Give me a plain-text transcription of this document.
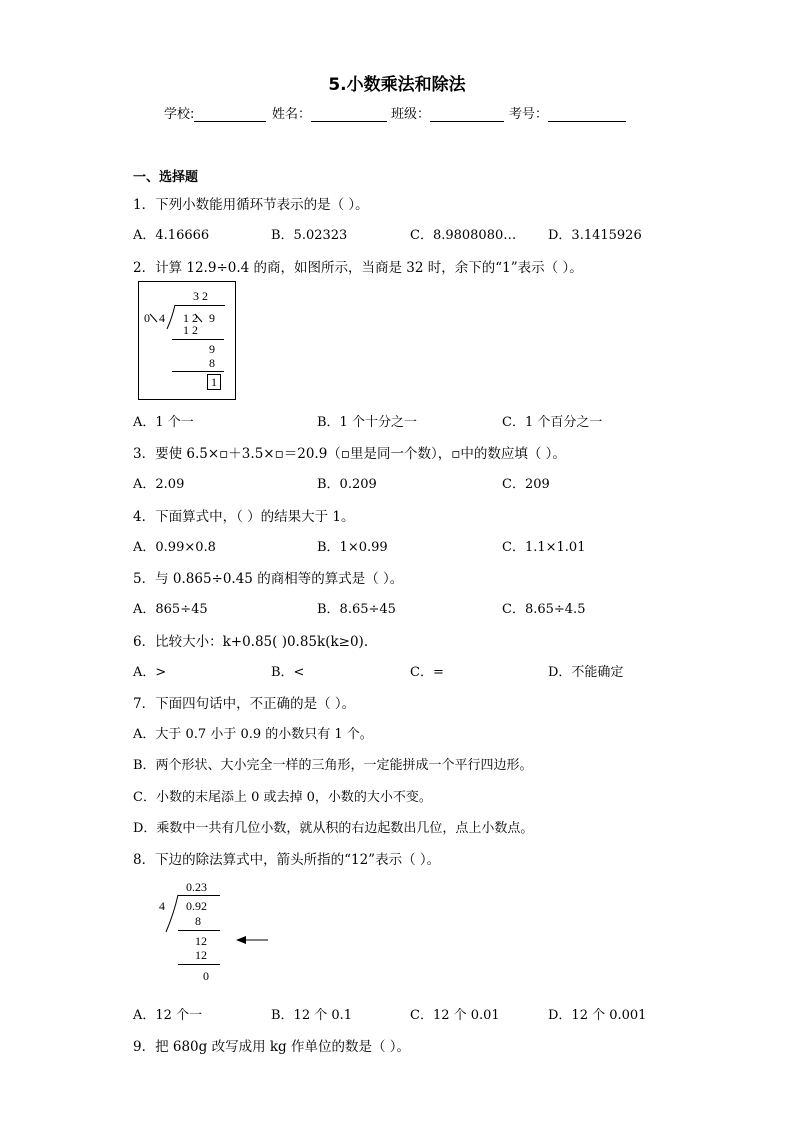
5.小数乘法和除法
学校:	姓名：	班级：	考号：
一、选择题
1．下列小数能用循环节表示的是（ ）。
A．4.16666	B．5.02323	C．8.9808080… D．3.1415926
2．计算 12.9÷0.4 的商，如图所示，当商是 32 时，余下的“1”表示（ ）。
3 2
0 4 1 2 9
1 2
9
8
1
A．1 个一	B．1 个十分之一	C．1 个百分之一
3．要使 6.5×▫＋3.5×▫＝20.9（▫里是同一个数），▫中的数应填（ ）。
A．2.09	B．0.209	C．209
4．下面算式中，（ ）的结果大于 1。
A．0.99×0.8	B．1×0.99	C．1.1×1.01
5．与 0.865÷0.45 的商相等的算式是（ ）。
A．865÷45	B．8.65÷45	C．8.65÷4.5
6．比较大小：k+0.85( )0.85k(k≥0).
A．>	B．<	C．=	D．不能确定
7．下面四句话中，不正确的是（ ）。
A．大于 0.7 小于 0.9 的小数只有 1 个。
B．两个形状、大小完全一样的三角形，一定能拼成一个平行四边形。
C．小数的末尾添上 0 或去掉 0，小数的大小不变。
D．乘数中一共有几位小数，就从积的右边起数出几位，点上小数点。
8．下边的除法算式中，箭头所指的“12”表示（ ）。
0.23
4 0.92
8
12
12
0
A．12 个一	B．12 个 0.1	C．12 个 0.01	D．12 个 0.001
9．把 680g 改写成用 kg 作单位的数是（ ）。
